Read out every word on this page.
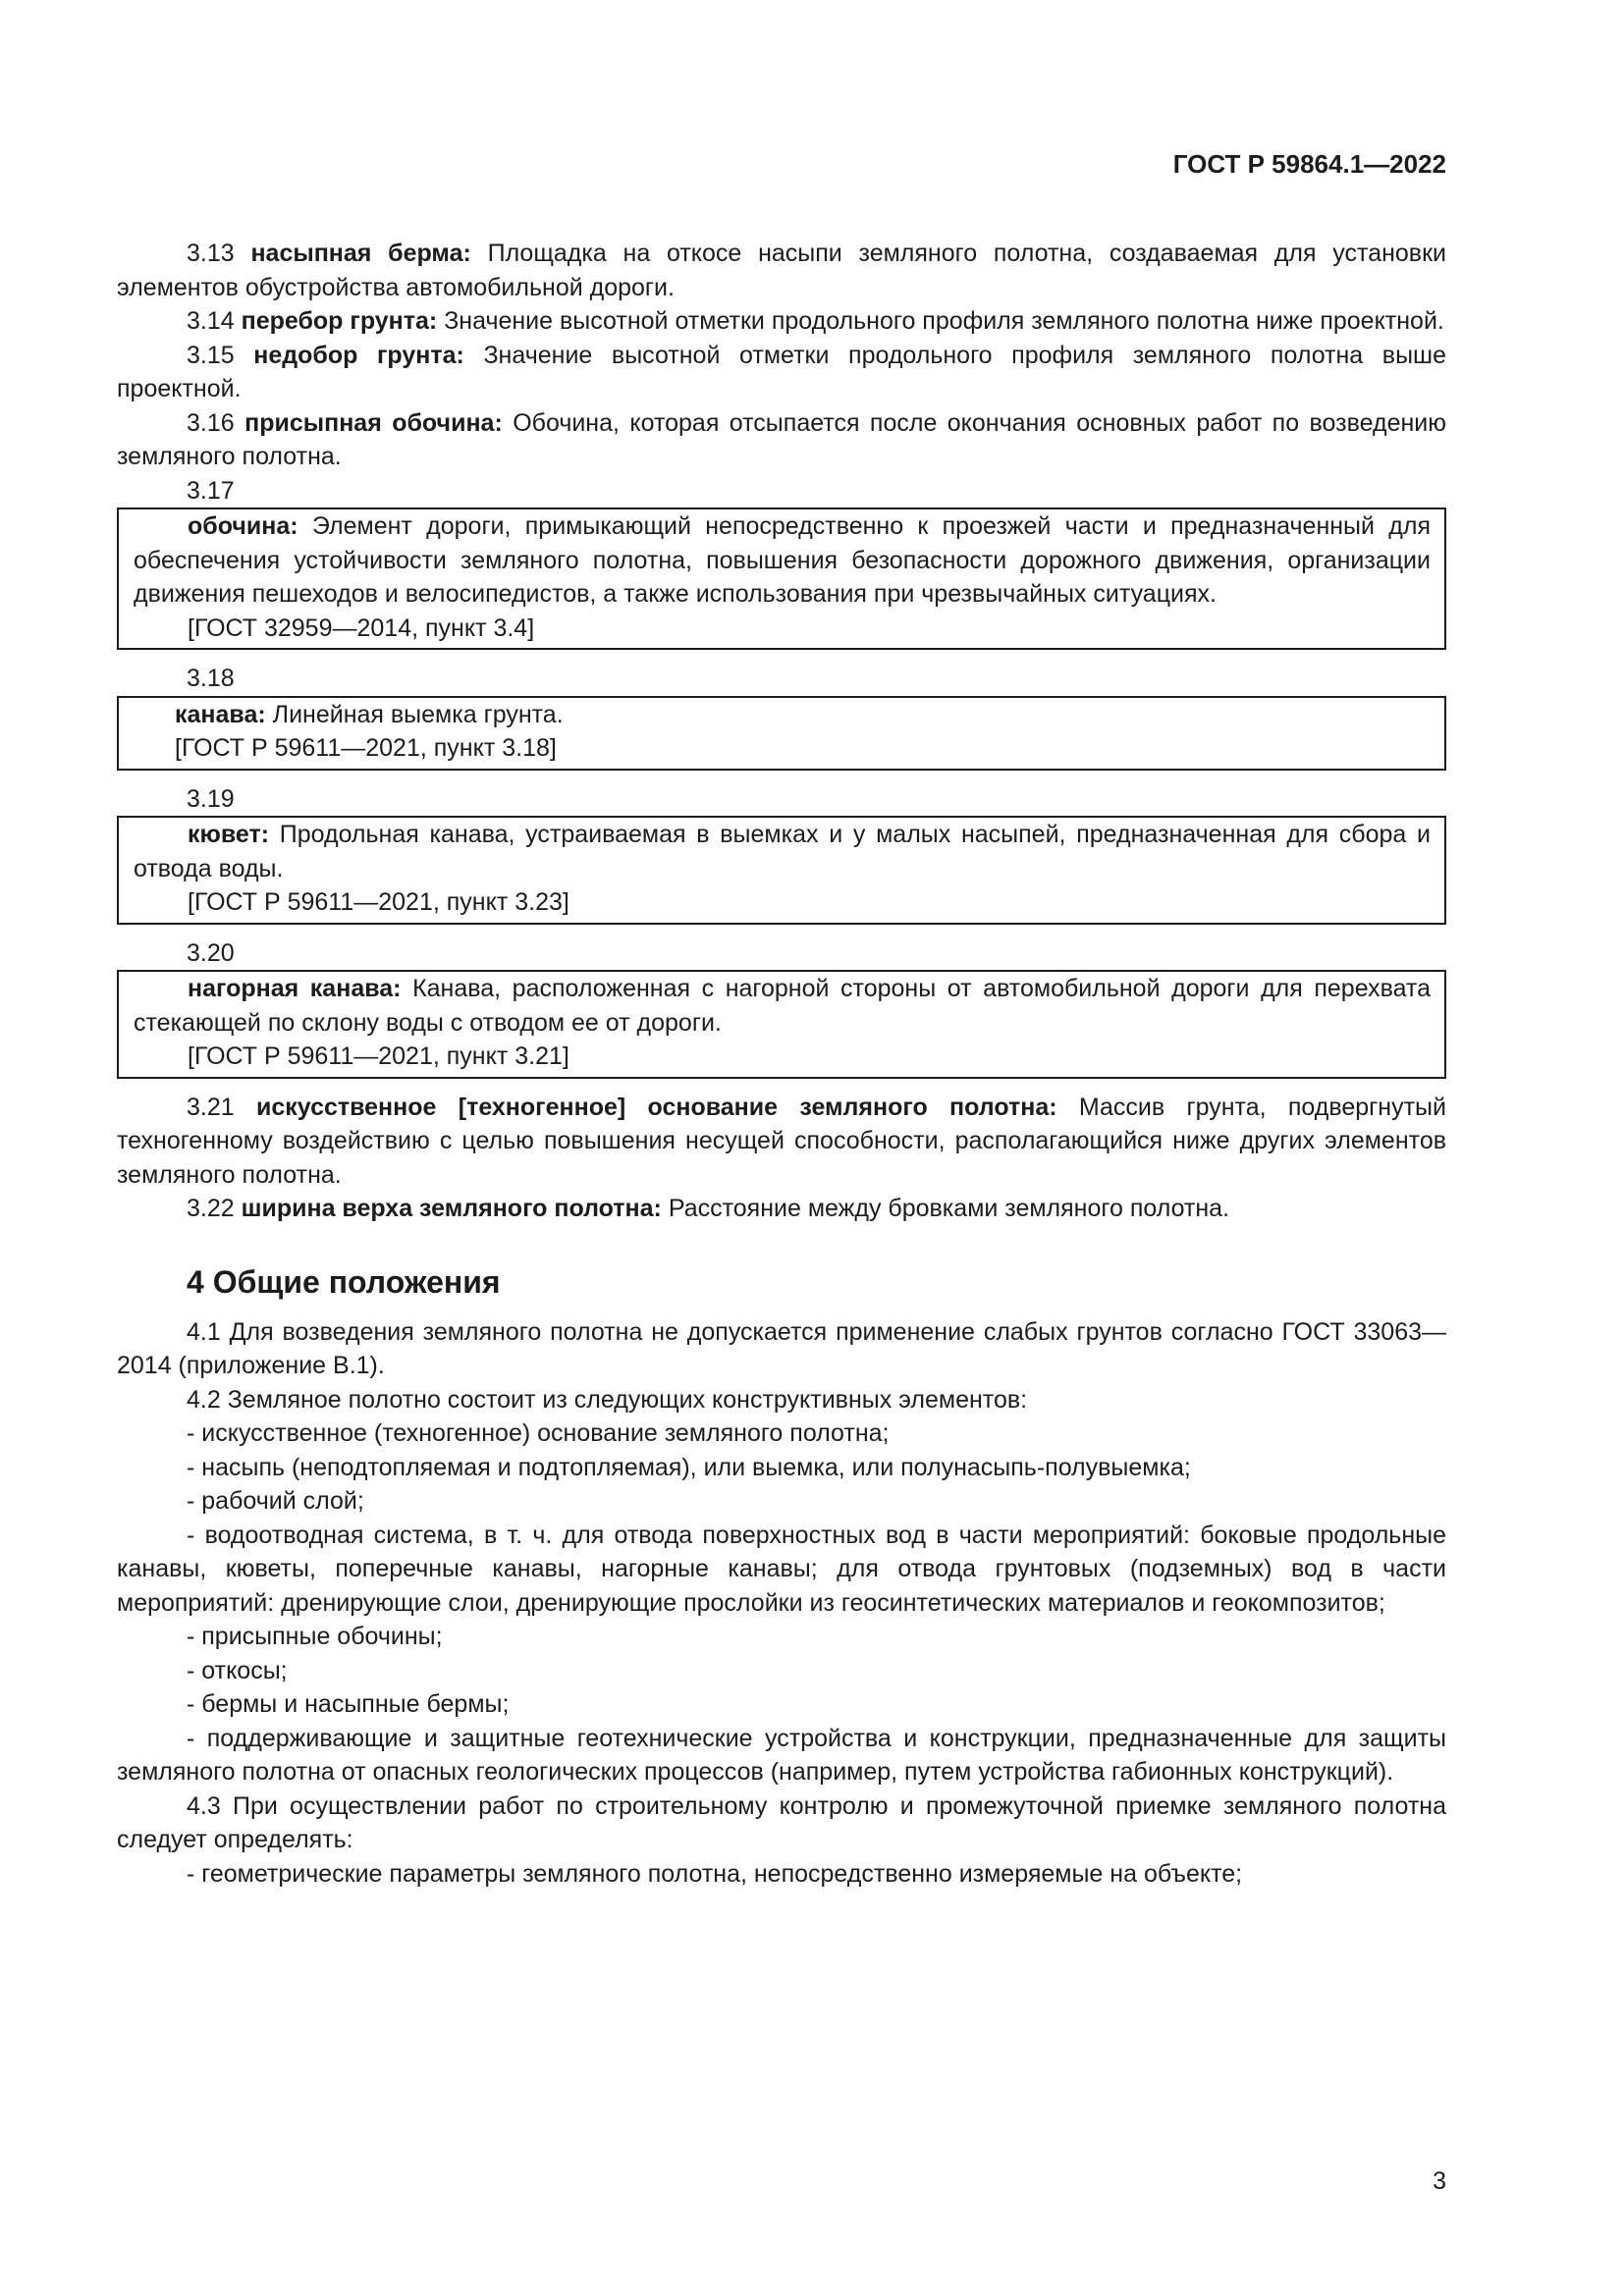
ГОСТ Р 59864.1—2022

3.13 насыпная берма: Площадка на откосе насыпи земляного полотна, создаваемая для установки элементов обустройства автомобильной дороги.

3.14 перебор грунта: Значение высотной отметки продольного профиля земляного полотна ниже проектной.

3.15 недобор грунта: Значение высотной отметки продольного профиля земляного полотна выше проектной.

3.16 присыпная обочина: Обочина, которая отсыпается после окончания основных работ по возведению земляного полотна.

3.17

обочина: Элемент дороги, примыкающий непосредственно к проезжей части и предназначенный для обеспечения устойчивости земляного полотна, повышения безопасности дорожного движения, организации движения пешеходов и велосипедистов, а также использования при чрезвычайных ситуациях.

[ГОСТ 32959—2014, пункт 3.4]

3.18

канава: Линейная выемка грунта.

[ГОСТ Р 59611—2021, пункт 3.18]

3.19

кювет: Продольная канава, устраиваемая в выемках и у малых насыпей, предназначенная для сбора и отвода воды.

[ГОСТ Р 59611—2021, пункт 3.23]

3.20

нагорная канава: Канава, расположенная с нагорной стороны от автомобильной дороги для перехвата стекающей по склону воды с отводом ее от дороги.

[ГОСТ Р 59611—2021, пункт 3.21]

3.21 искусственное [техногенное] основание земляного полотна: Массив грунта, подвергнутый техногенному воздействию с целью повышения несущей способности, располагающийся ниже других элементов земляного полотна.

3.22 ширина верха земляного полотна: Расстояние между бровками земляного полотна.

4 Общие положения

4.1 Для возведения земляного полотна не допускается применение слабых грунтов согласно ГОСТ 33063—2014 (приложение В.1).

4.2 Земляное полотно состоит из следующих конструктивных элементов:

- искусственное (техногенное) основание земляного полотна;

- насыпь (неподтопляемая и подтопляемая), или выемка, или полунасыпь-полувыемка;

- рабочий слой;

- водоотводная система, в т. ч. для отвода поверхностных вод в части мероприятий: боковые продольные канавы, кюветы, поперечные канавы, нагорные канавы; для отвода грунтовых (подземных) вод в части мероприятий: дренирующие слои, дренирующие прослойки из геосинтетических материалов и геокомпозитов;

- присыпные обочины;

- откосы;

- бермы и насыпные бермы;

- поддерживающие и защитные геотехнические устройства и конструкции, предназначенные для защиты земляного полотна от опасных геологических процессов (например, путем устройства габионных конструкций).

4.3 При осуществлении работ по строительному контролю и промежуточной приемке земляного полотна следует определять:

- геометрические параметры земляного полотна, непосредственно измеряемые на объекте;

3
